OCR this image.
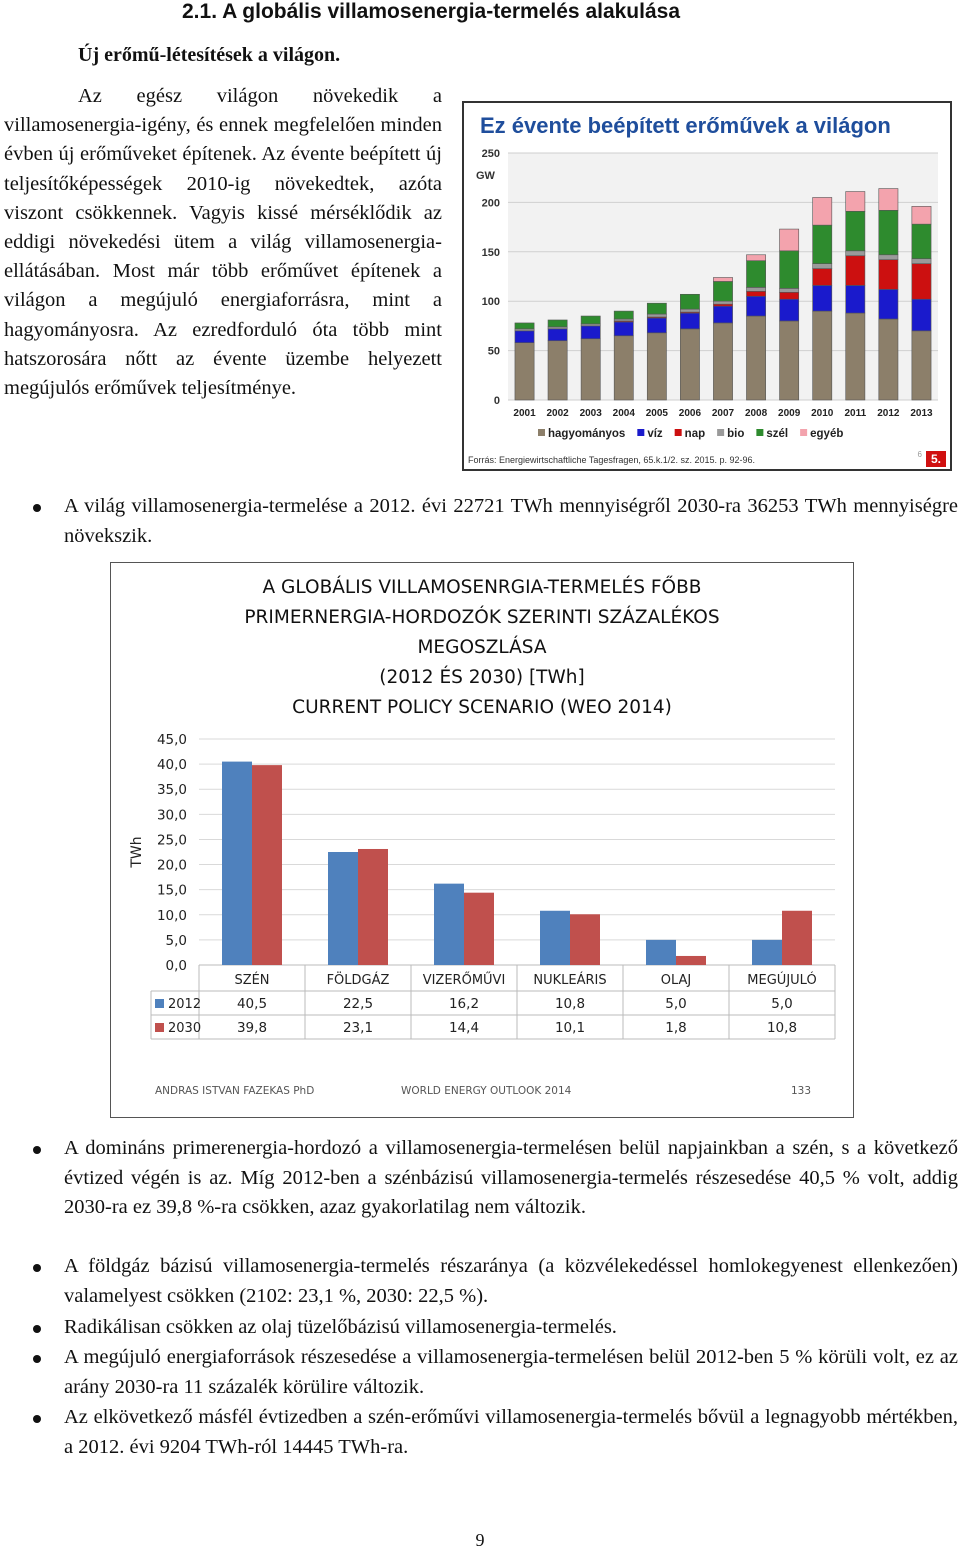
2.1. A globális villamosenergia-termelés alakulása
Új erőmű-létesítések a világon.

Az egész világon növekedik a villamosenergia-igény, és ennek megfelelően minden évben új erőműveket építenek. Az évente beépített új teljesítőképességek 2010-ig növekedtek, azóta viszont csökkennek. Vagyis kissé mérséklődik az eddigi növekedési ütem a világ villamosenergia-ellátásában. Most már több erőművet építenek a világon a megújuló energiaforrásra, mint a hagyományosra. Az ezredforduló óta több mint hatszorosára nőtt az évente üzembe helyezett megújulós erőművek teljesítménye.

Ez évente beépített erőművek a világon
0
50
100
150
200
250
GW
2001 2002 2003 2004 2005 2006 2007 2008 2009 2010 2011 2012 2013
hagyományos víz nap bio szél egyéb
Forrás: Energiewirtschaftliche Tagesfragen, 65.k.1/2. sz. 2015. p. 92-96.
6 5.
A világ villamosenergia-termelése a 2012. évi 22721 TWh mennyiségről 2030-ra 36253 TWh mennyiségre növekszik.
A GLOBÁLIS VILLAMOSENRGIA-TERMELÉS FŐBB
PRIMERNERGIA-HORDOZÓK SZERINTI SZÁZALÉKOS
MEGOSZLÁSA
(2012 ÉS 2030) [TWh]
CURRENT POLICY SCENARIO (WEO 2014)
0,0
5,0
10,0
15,0
20,0
25,0
30,0
35,0
40,0
45,0
TWh
SZÉN
40,5
39,8
FÖLDGÁZ
22,5
23,1
VIZERŐMŰVI
16,2
14,4
NUKLEÁRIS
10,8
10,1
OLAJ
5,0
1,8
MEGÚJULÓ
5,0
10,8
2012
2030
ANDRAS ISTVAN FAZEKAS PhD	WORLD ENERGY OUTLOOK 2014	133
A domináns primerenergia-hordozó a villamosenergia-termelésen belül napjainkban a szén, s a következő évtized végén is az. Míg 2012-ben a szénbázisú villamosenergia-termelés részesedése 40,5 % volt, addig 2030-ra ez 39,8 %-ra csökken, azaz gyakorlatilag nem változik.
A földgáz bázisú villamosenergia-termelés részaránya (a közvélekedéssel homlokegyenest ellenkezően) valamelyest csökken (2102: 23,1 %, 2030: 22,5 %).
Radikálisan csökken az olaj tüzelőbázisú villamosenergia-termelés.
A megújuló energiaforrások részesedése a villamosenergia-termelésen belül 2012-ben 5 % körüli volt, ez az arány 2030-ra 11 százalék körülire változik.
Az elkövetkező másfél évtizedben a szén-erőművi villamosenergia-termelés bővül a legnagyobb mértékben, a 2012. évi 9204 TWh-ról 14445 TWh-ra.
9
